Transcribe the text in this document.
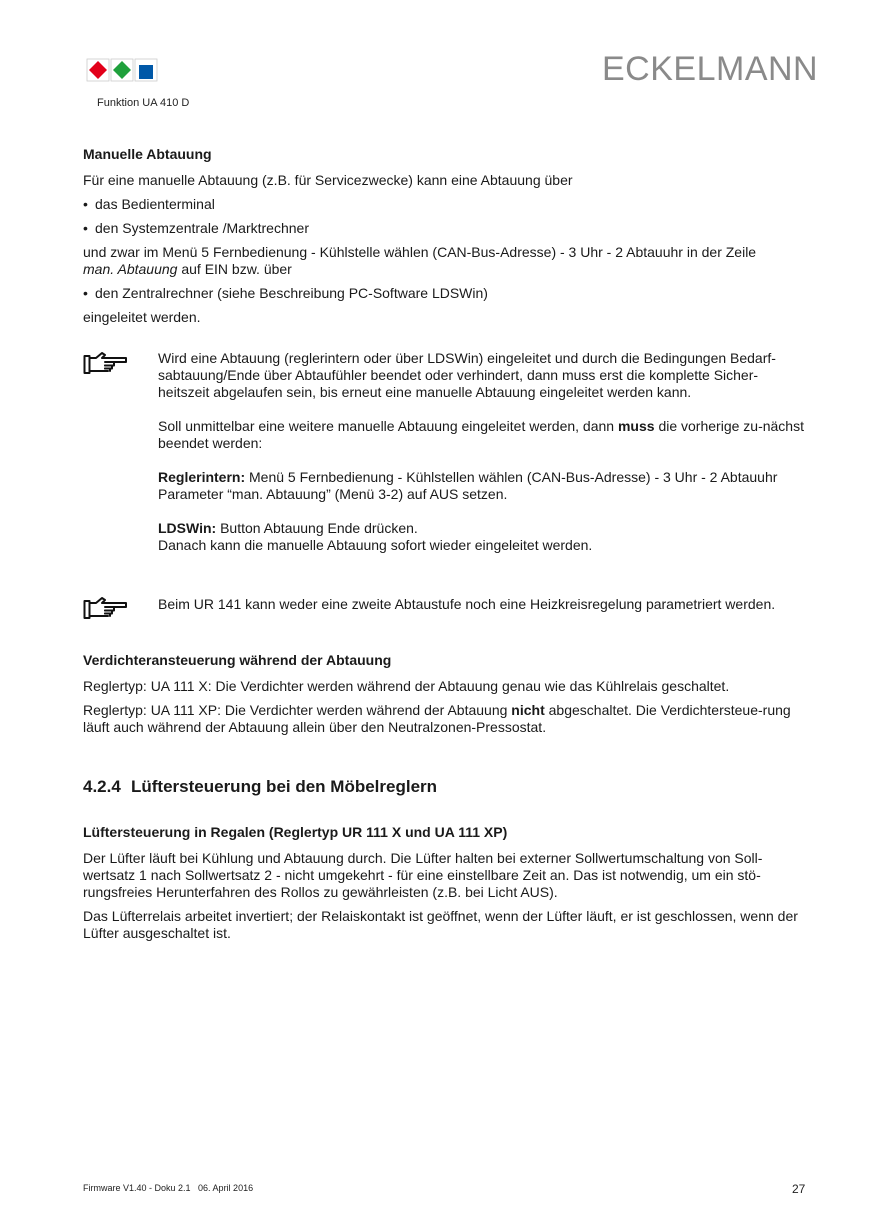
Funktion UA 410 D
ECKELMANN

Manuelle Abtauung

Für eine manuelle Abtauung (z.B. für Servicezwecke) kann eine Abtauung über

• das Bedienterminal

• den Systemzentrale /Marktrechner

und zwar im Menü 5 Fernbedienung - Kühlstelle wählen (CAN-Bus-Adresse) - 3 Uhr - 2 Abtauuhr in der Zeile
man. Abtauung auf EIN bzw. über

• den Zentralrechner (siehe Beschreibung PC-Software LDSWin)

eingeleitet werden.

Wird eine Abtauung (reglerintern oder über LDSWin) eingeleitet und durch die Bedingungen Bedarf-sabtauung/Ende über Abtaufühler beendet oder verhindert, dann muss erst die komplette Sicher-heitszeit abgelaufen sein, bis erneut eine manuelle Abtauung eingeleitet werden kann.

Soll unmittelbar eine weitere manuelle Abtauung eingeleitet werden, dann muss die vorherige zu-nächst beendet werden:

Reglerintern: Menü 5 Fernbedienung - Kühlstellen wählen (CAN-Bus-Adresse) - 3 Uhr - 2 Abtauuhr Parameter “man. Abtauung” (Menü 3-2) auf AUS setzen.

LDSWin: Button Abtauung Ende drücken.
Danach kann die manuelle Abtauung sofort wieder eingeleitet werden.

Beim UR 141 kann weder eine zweite Abtaustufe noch eine Heizkreisregelung parametriert werden.

Verdichteransteuerung während der Abtauung

Reglertyp: UA 111 X: Die Verdichter werden während der Abtauung genau wie das Kühlrelais geschaltet.

Reglertyp: UA 111 XP: Die Verdichter werden während der Abtauung nicht abgeschaltet. Die Verdichtersteue-rung läuft auch während der Abtauung allein über den Neutralzonen-Pressostat.

4.2.4 Lüftersteuerung bei den Möbelreglern

Lüftersteuerung in Regalen (Reglertyp UR 111 X und UA 111 XP)

Der Lüfter läuft bei Kühlung und Abtauung durch. Die Lüfter halten bei externer Sollwertumschaltung von Soll-wertsatz 1 nach Sollwertsatz 2 - nicht umgekehrt - für eine einstellbare Zeit an. Das ist notwendig, um ein stö-rungsfreies Herunterfahren des Rollos zu gewährleisten (z.B. bei Licht AUS).

Das Lüfterrelais arbeitet invertiert; der Relaiskontakt ist geöffnet, wenn der Lüfter läuft, er ist geschlossen, wenn der Lüfter ausgeschaltet ist.

Firmware V1.40 - Doku 2.1   06. April 2016	27
